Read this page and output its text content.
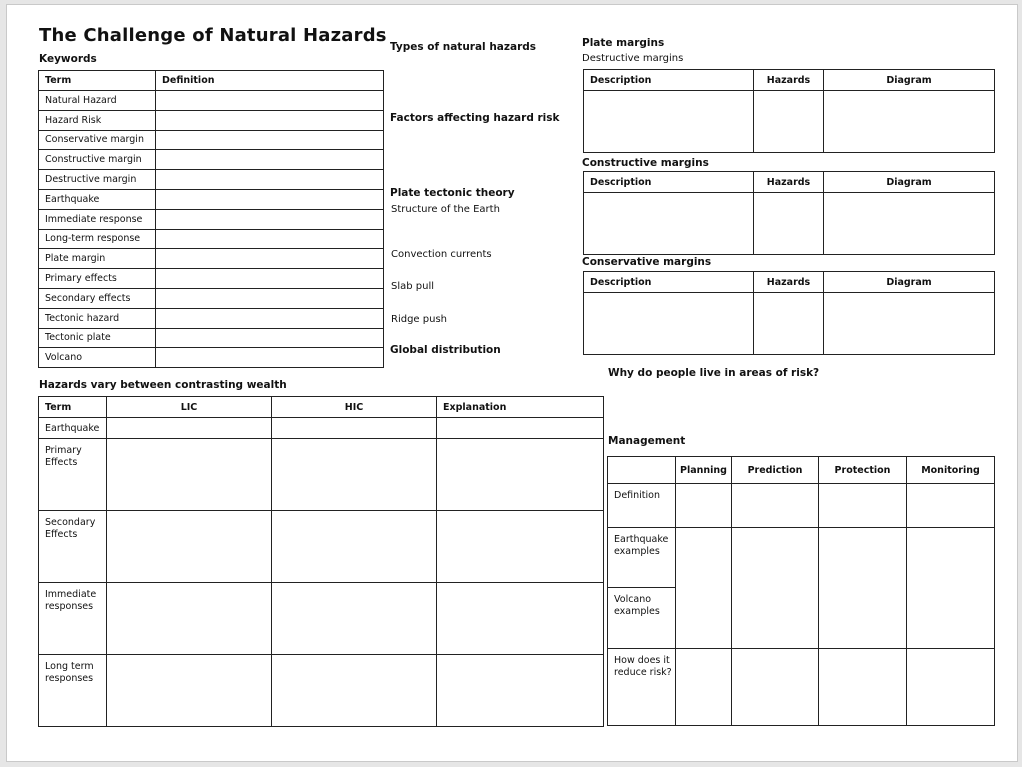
The Challenge of Natural Hazards
Keywords
Term	Definition
Natural Hazard	
Hazard Risk	
Conservative margin	
Constructive margin	
Destructive margin	
Earthquake	
Immediate response	
Long-term response	
Plate margin	
Primary effects	
Secondary effects	
Tectonic hazard	
Tectonic plate	
Volcano	
Types of natural hazards
Factors affecting hazard risk
Plate tectonic theory
Structure of the Earth
Convection currents
Slab pull
Ridge push
Global distribution
Plate margins
Destructive margins
Description	Hazards	Diagram

Constructive margins
Description	Hazards	Diagram

Conservative margins
Description	Hazards	Diagram

Hazards vary between contrasting wealth
Term	LIC	HIC	Explanation
Earthquake			
Primary
Effects			
Secondary
Effects			
Immediate
responses			
Long term
responses			
Why do people live in areas of risk?
Management
	Planning	Prediction	Protection	Monitoring
Definition				
Earthquake
examples				
Volcano
examples				
How does it
reduce risk?				
